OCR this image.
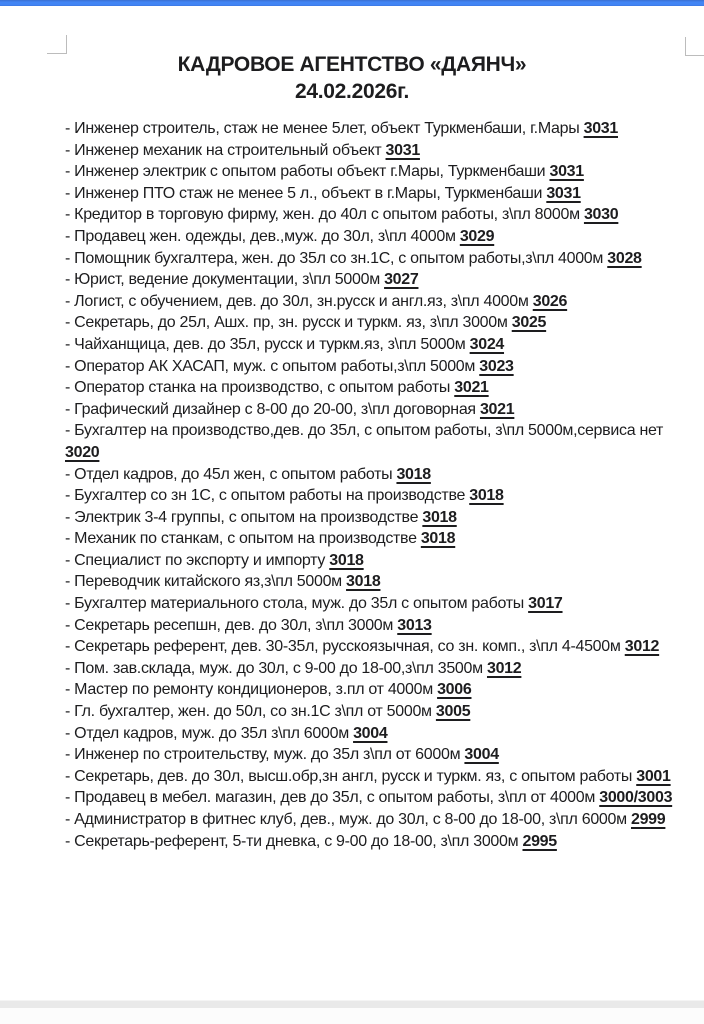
КАДРОВОЕ АГЕНТСТВО «ДАЯНЧ»
24.02.2026г.

- Инженер строитель, стаж не менее 5лет, объект Туркменбаши, г.Мары 3031

- Инженер механик на строительный объект 3031

- Инженер электрик с опытом работы объект г.Мары, Туркменбаши 3031

- Инженер ПТО стаж не менее 5 л., объект в г.Мары, Туркменбаши 3031

- Кредитор в торговую фирму, жен. до 40л с опытом работы, з\пл 8000м 3030

- Продавец жен. одежды, дев.,муж. до 30л, з\пл 4000м 3029

- Помощник бухгалтера, жен. до 35л со зн.1С, с опытом работы,з\пл 4000м 3028

- Юрист, ведение документации, з\пл 5000м 3027

- Логист, с обучением, дев. до 30л, зн.русск и англ.яз, з\пл 4000м 3026

- Секретарь, до 25л, Ашх. пр, зн. русск и туркм. яз, з\пл 3000м 3025

- Чайханщица, дев. до 35л, русск и туркм.яз, з\пл 5000м 3024

- Оператор АК ХАСАП, муж. с опытом работы,з\пл 5000м 3023

- Оператор станка на производство, с опытом работы 3021

- Графический дизайнер с 8-00 до 20-00, з\пл договорная 3021

- Бухгалтер на производство,дев. до 35л, с опытом работы, з\пл 5000м,сервиса нет 3020

- Отдел кадров, до 45л жен, с опытом работы 3018

- Бухгалтер со зн 1С, с опытом работы на производстве 3018

- Электрик 3-4 группы, с опытом на производстве 3018

- Механик по станкам, с опытом на производстве 3018

- Специалист по экспорту и импорту 3018

- Переводчик китайского яз,з\пл 5000м 3018

- Бухгалтер материального стола, муж. до 35л с опытом работы 3017

- Секретарь ресепшн, дев. до 30л, з\пл 3000м 3013

- Секретарь референт, дев. 30-35л, русскоязычная, со зн. комп., з\пл 4-4500м 3012

- Пом. зав.склада, муж. до 30л, с 9-00 до 18-00,з\пл 3500м 3012

- Мастер по ремонту кондиционеров, з.пл от 4000м 3006

- Гл. бухгалтер, жен. до 50л, со зн.1С з\пл от 5000м 3005

- Отдел кадров, муж. до 35л з\пл 6000м 3004

- Инженер по строительству, муж. до 35л з\пл от 6000м 3004

- Секретарь, дев. до 30л, высш.обр,зн англ, русск и туркм. яз, с опытом работы 3001

- Продавец в мебел. магазин, дев до 35л, с опытом работы, з\пл от 4000м 3000/3003

- Администратор в фитнес клуб, дев., муж. до 30л, с 8-00 до 18-00, з\пл 6000м 2999

- Секретарь-референт, 5-ти дневка, с 9-00 до 18-00, з\пл 3000м 2995
